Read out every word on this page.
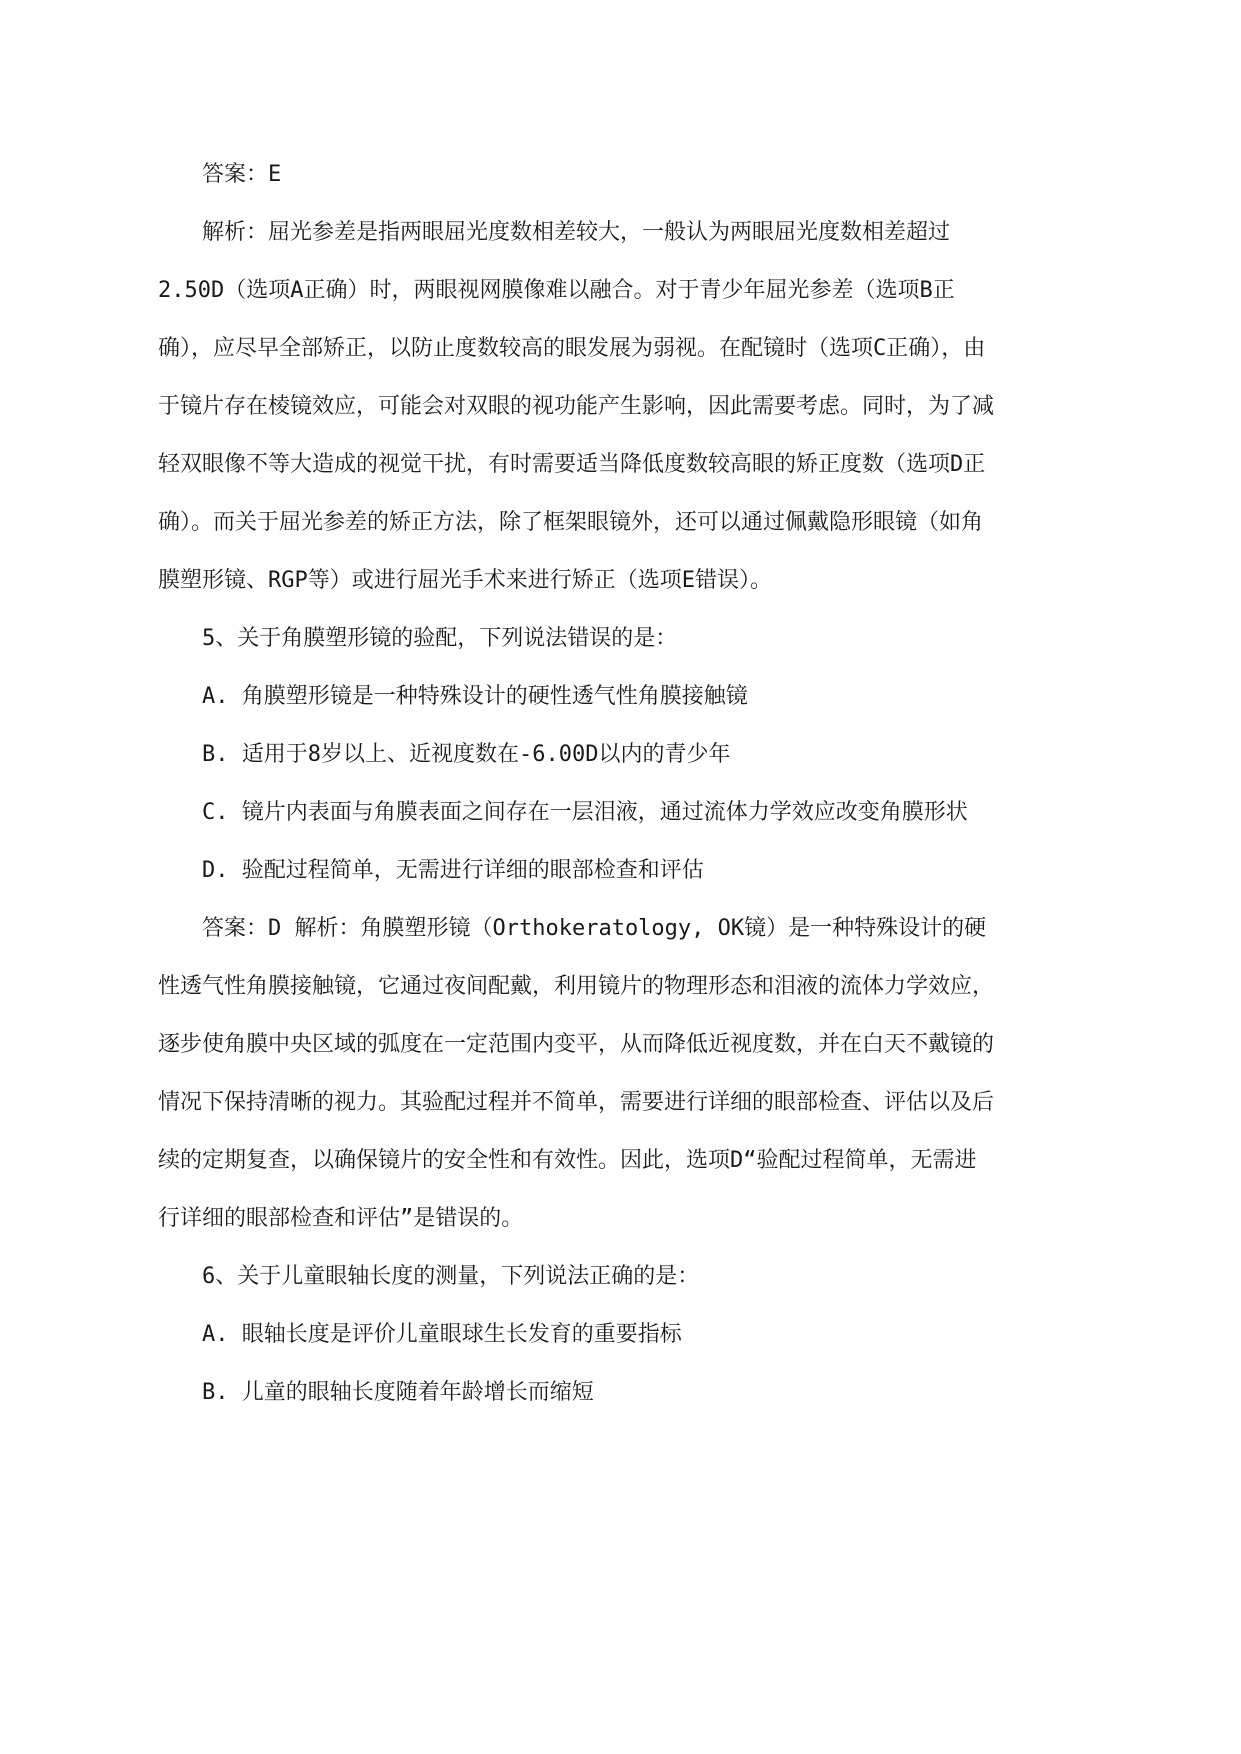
答案：E

解析：屈光参差是指两眼屈光度数相差较大，一般认为两眼屈光度数相差超过

2.50D（选项A正确）时，两眼视网膜像难以融合。对于青少年屈光参差（选项B正

确），应尽早全部矫正，以防止度数较高的眼发展为弱视。在配镜时（选项C正确），由

于镜片存在棱镜效应，可能会对双眼的视功能产生影响，因此需要考虑。同时，为了减

轻双眼像不等大造成的视觉干扰，有时需要适当降低度数较高眼的矫正度数（选项D正

确）。而关于屈光参差的矫正方法，除了框架眼镜外，还可以通过佩戴隐形眼镜（如角

膜塑形镜、RGP等）或进行屈光手术来进行矫正（选项E错误）。

5、关于角膜塑形镜的验配，下列说法错误的是：

A. 角膜塑形镜是一种特殊设计的硬性透气性角膜接触镜

B. 适用于8岁以上、近视度数在-6.00D以内的青少年

C. 镜片内表面与角膜表面之间存在一层泪液，通过流体力学效应改变角膜形状

D. 验配过程简单，无需进行详细的眼部检查和评估

答案：D 解析：角膜塑形镜（Orthokeratology, OK镜）是一种特殊设计的硬

性透气性角膜接触镜，它通过夜间配戴，利用镜片的物理形态和泪液的流体力学效应，

逐步使角膜中央区域的弧度在一定范围内变平，从而降低近视度数，并在白天不戴镜的

情况下保持清晰的视力。其验配过程并不简单，需要进行详细的眼部检查、评估以及后

续的定期复查，以确保镜片的安全性和有效性。因此，选项D“验配过程简单，无需进

行详细的眼部检查和评估”是错误的。

6、关于儿童眼轴长度的测量，下列说法正确的是：

A. 眼轴长度是评价儿童眼球生长发育的重要指标

B. 儿童的眼轴长度随着年龄增长而缩短
